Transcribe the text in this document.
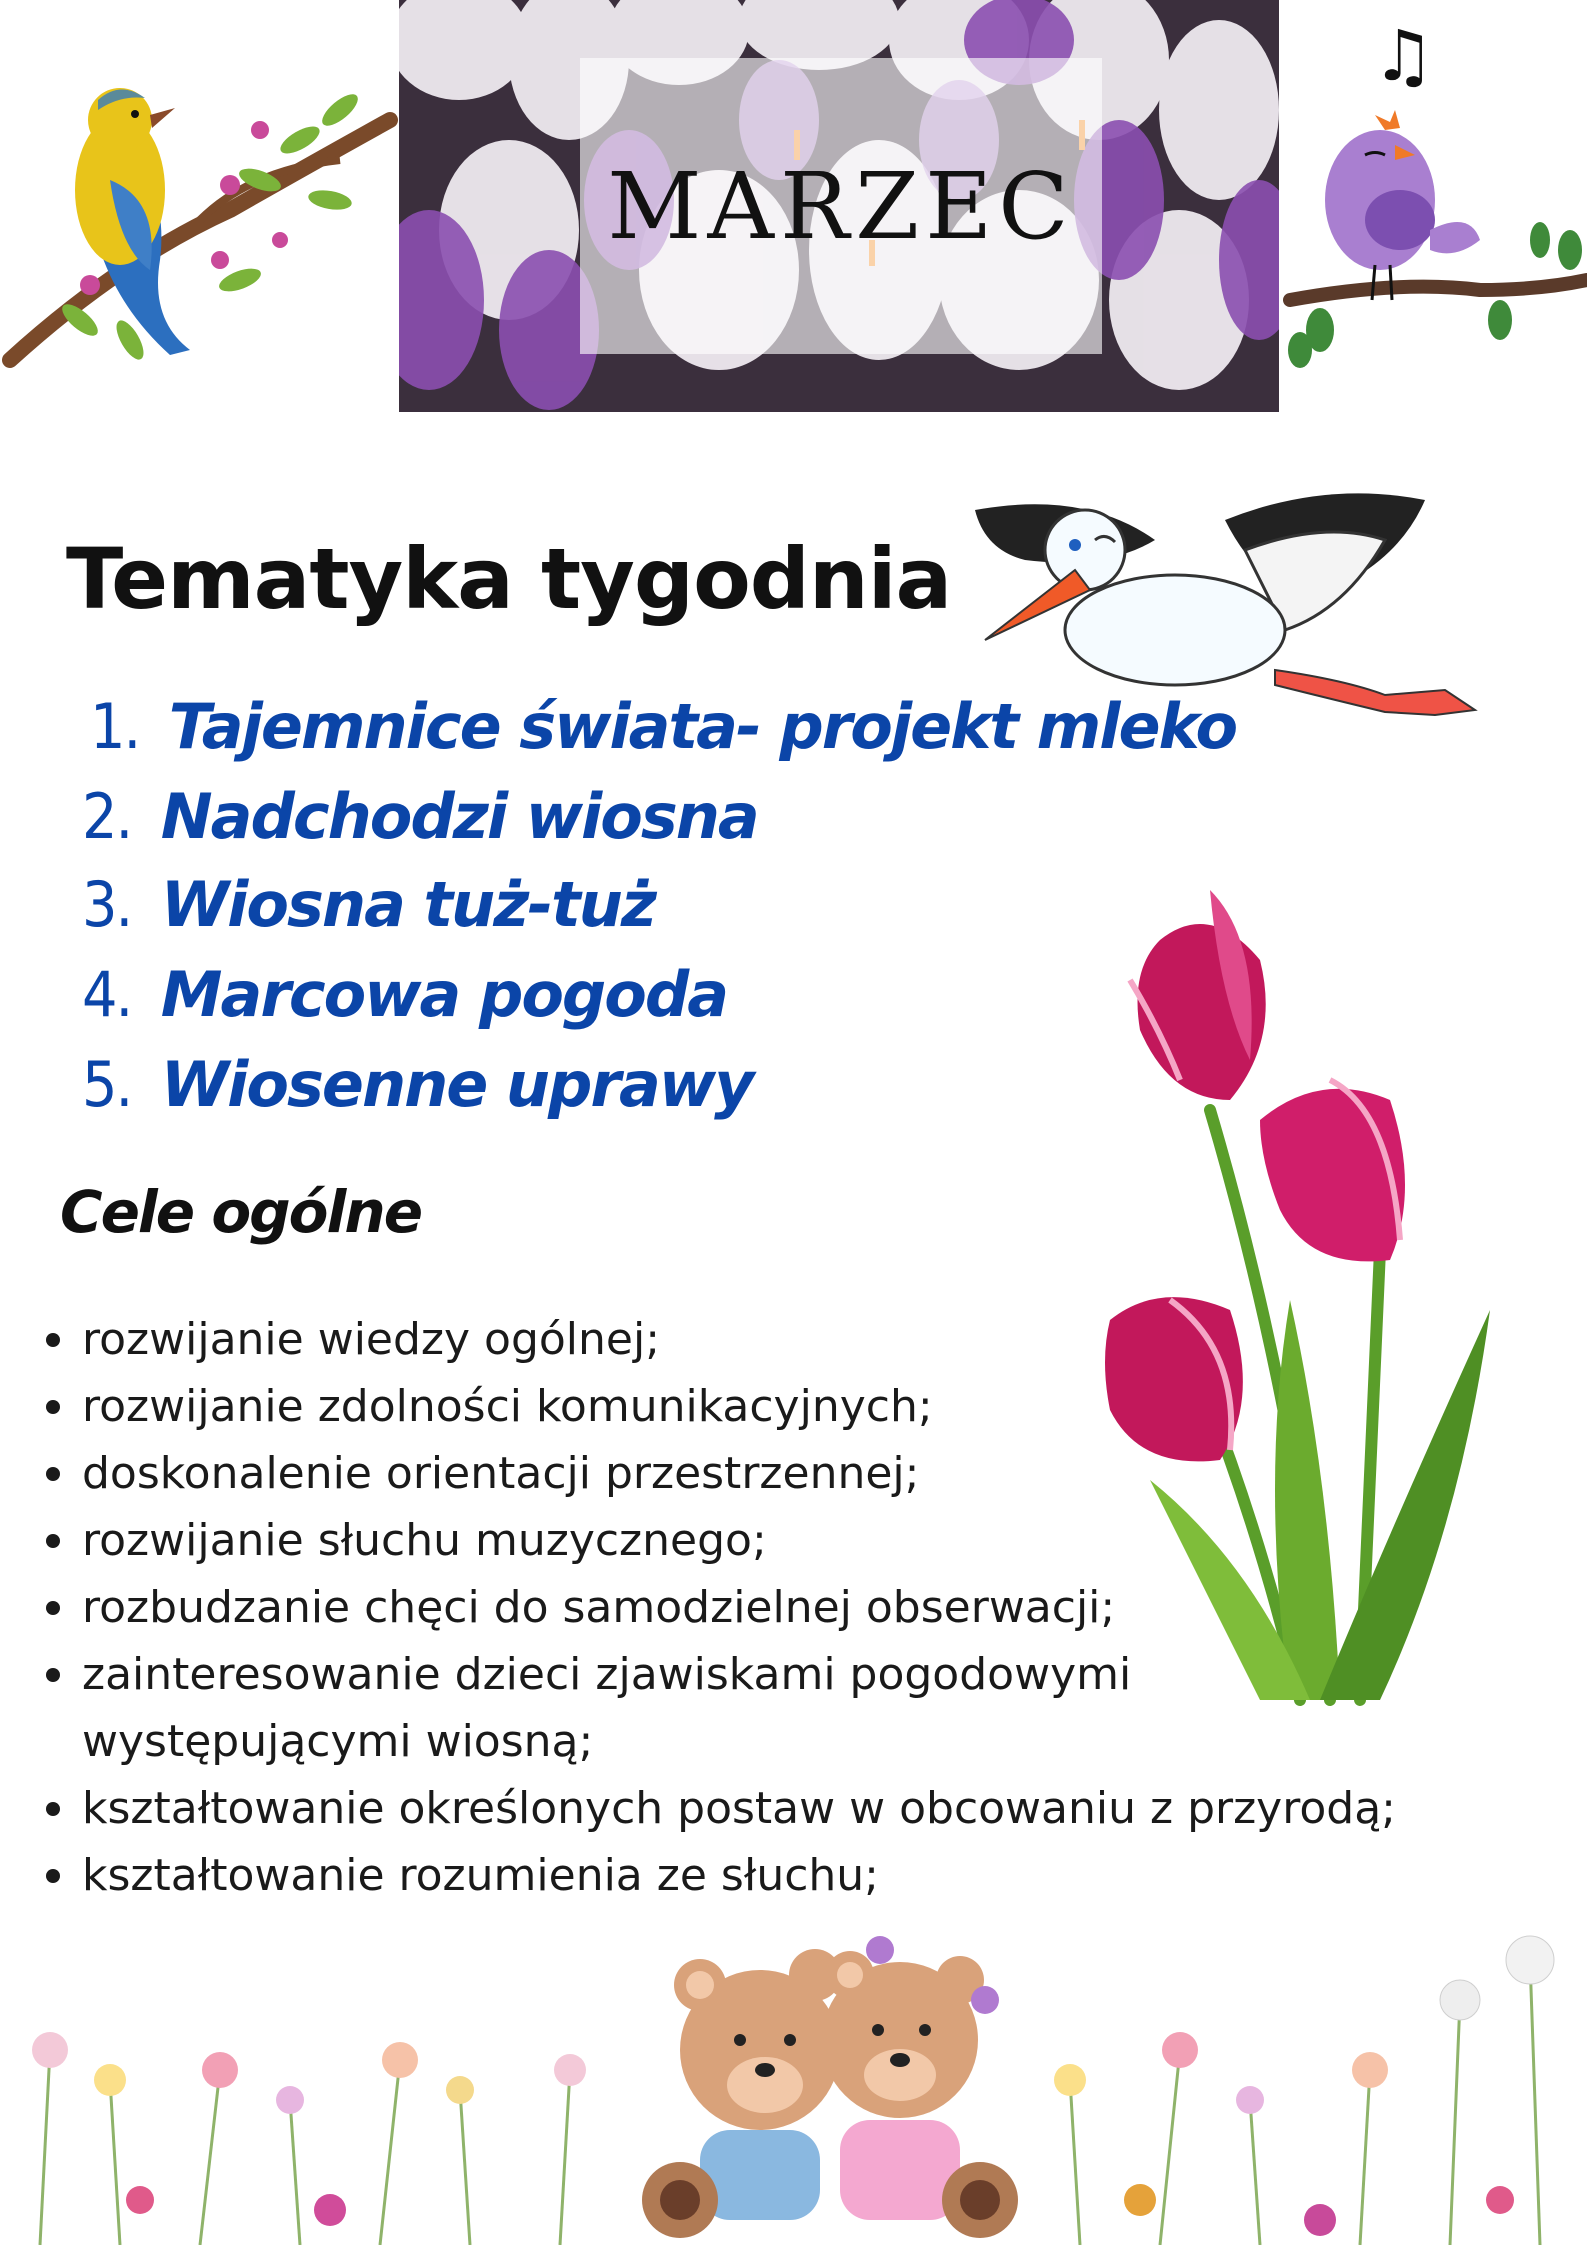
MARZEC
♫
Tematyka tygodnia
1. Tajemnice świata- projekt mleko
2. Nadchodzi wiosna
3. Wiosna tuż-tuż
4. Marcowa pogoda
5. Wiosenne uprawy
Cele ogólne
rozwijanie wiedzy ogólnej;
rozwijanie zdolności komunikacyjnych;
doskonalenie orientacji przestrzennej;
rozwijanie słuchu muzycznego;
rozbudzanie chęci do samodzielnej obserwacji;
zainteresowanie dzieci zjawiskami pogodowymi
występującymi wiosną;
kształtowanie określonych postaw w obcowaniu z przyrodą;
kształtowanie rozumienia ze słuchu;
